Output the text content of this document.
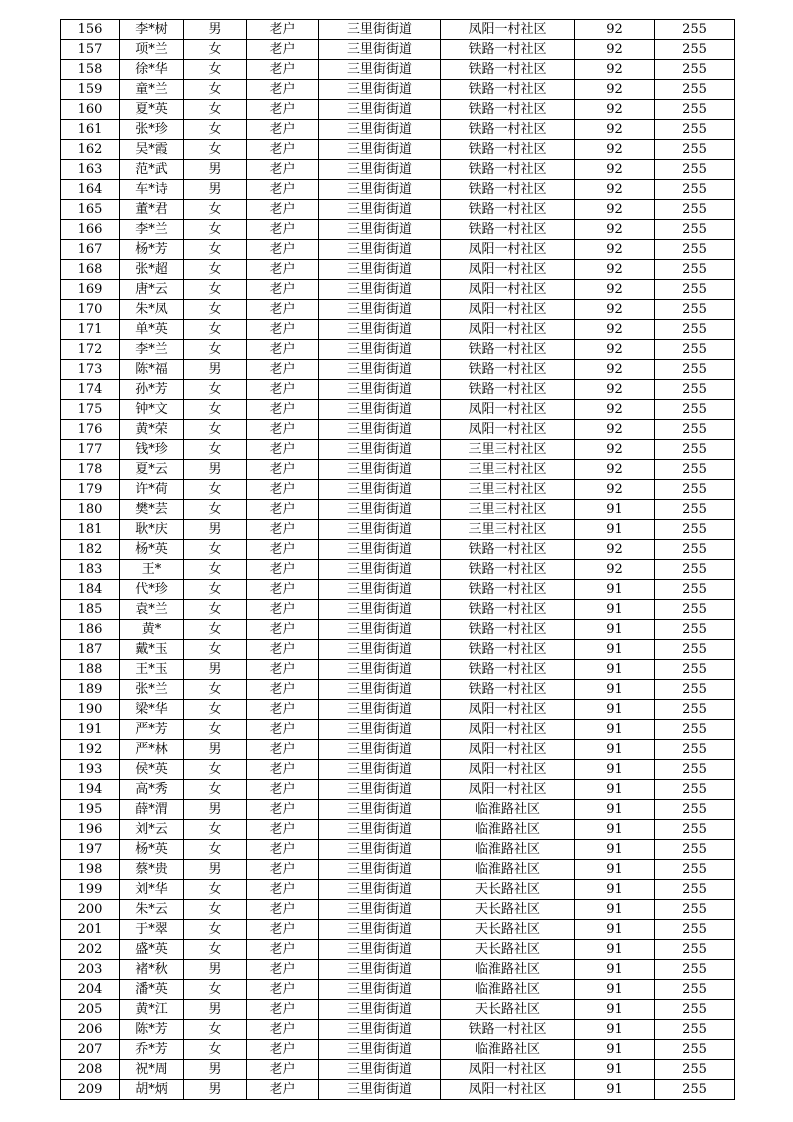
156	李*树	男	老户	三里街街道	凤阳一村社区	92	255
157	项*兰	女	老户	三里街街道	铁路一村社区	92	255
158	徐*华	女	老户	三里街街道	铁路一村社区	92	255
159	童*兰	女	老户	三里街街道	铁路一村社区	92	255
160	夏*英	女	老户	三里街街道	铁路一村社区	92	255
161	张*珍	女	老户	三里街街道	铁路一村社区	92	255
162	吴*霞	女	老户	三里街街道	铁路一村社区	92	255
163	范*武	男	老户	三里街街道	铁路一村社区	92	255
164	车*诗	男	老户	三里街街道	铁路一村社区	92	255
165	董*君	女	老户	三里街街道	铁路一村社区	92	255
166	李*兰	女	老户	三里街街道	铁路一村社区	92	255
167	杨*芳	女	老户	三里街街道	凤阳一村社区	92	255
168	张*超	女	老户	三里街街道	凤阳一村社区	92	255
169	唐*云	女	老户	三里街街道	凤阳一村社区	92	255
170	朱*凤	女	老户	三里街街道	凤阳一村社区	92	255
171	单*英	女	老户	三里街街道	凤阳一村社区	92	255
172	李*兰	女	老户	三里街街道	铁路一村社区	92	255
173	陈*福	男	老户	三里街街道	铁路一村社区	92	255
174	孙*芳	女	老户	三里街街道	铁路一村社区	92	255
175	钟*文	女	老户	三里街街道	凤阳一村社区	92	255
176	黄*荣	女	老户	三里街街道	凤阳一村社区	92	255
177	钱*珍	女	老户	三里街街道	三里三村社区	92	255
178	夏*云	男	老户	三里街街道	三里三村社区	92	255
179	许*荷	女	老户	三里街街道	三里三村社区	92	255
180	樊*芸	女	老户	三里街街道	三里三村社区	91	255
181	耿*庆	男	老户	三里街街道	三里三村社区	91	255
182	杨*英	女	老户	三里街街道	铁路一村社区	92	255
183	王*	女	老户	三里街街道	铁路一村社区	92	255
184	代*珍	女	老户	三里街街道	铁路一村社区	91	255
185	袁*兰	女	老户	三里街街道	铁路一村社区	91	255
186	黄*	女	老户	三里街街道	铁路一村社区	91	255
187	戴*玉	女	老户	三里街街道	铁路一村社区	91	255
188	王*玉	男	老户	三里街街道	铁路一村社区	91	255
189	张*兰	女	老户	三里街街道	铁路一村社区	91	255
190	梁*华	女	老户	三里街街道	凤阳一村社区	91	255
191	严*芳	女	老户	三里街街道	凤阳一村社区	91	255
192	严*林	男	老户	三里街街道	凤阳一村社区	91	255
193	侯*英	女	老户	三里街街道	凤阳一村社区	91	255
194	高*秀	女	老户	三里街街道	凤阳一村社区	91	255
195	薛*渭	男	老户	三里街街道	临淮路社区	91	255
196	刘*云	女	老户	三里街街道	临淮路社区	91	255
197	杨*英	女	老户	三里街街道	临淮路社区	91	255
198	蔡*贵	男	老户	三里街街道	临淮路社区	91	255
199	刘*华	女	老户	三里街街道	天长路社区	91	255
200	朱*云	女	老户	三里街街道	天长路社区	91	255
201	于*翠	女	老户	三里街街道	天长路社区	91	255
202	盛*英	女	老户	三里街街道	天长路社区	91	255
203	褚*秋	男	老户	三里街街道	临淮路社区	91	255
204	潘*英	女	老户	三里街街道	临淮路社区	91	255
205	黄*江	男	老户	三里街街道	天长路社区	91	255
206	陈*芳	女	老户	三里街街道	铁路一村社区	91	255
207	乔*芳	女	老户	三里街街道	临淮路社区	91	255
208	祝*周	男	老户	三里街街道	凤阳一村社区	91	255
209	胡*炳	男	老户	三里街街道	凤阳一村社区	91	255
